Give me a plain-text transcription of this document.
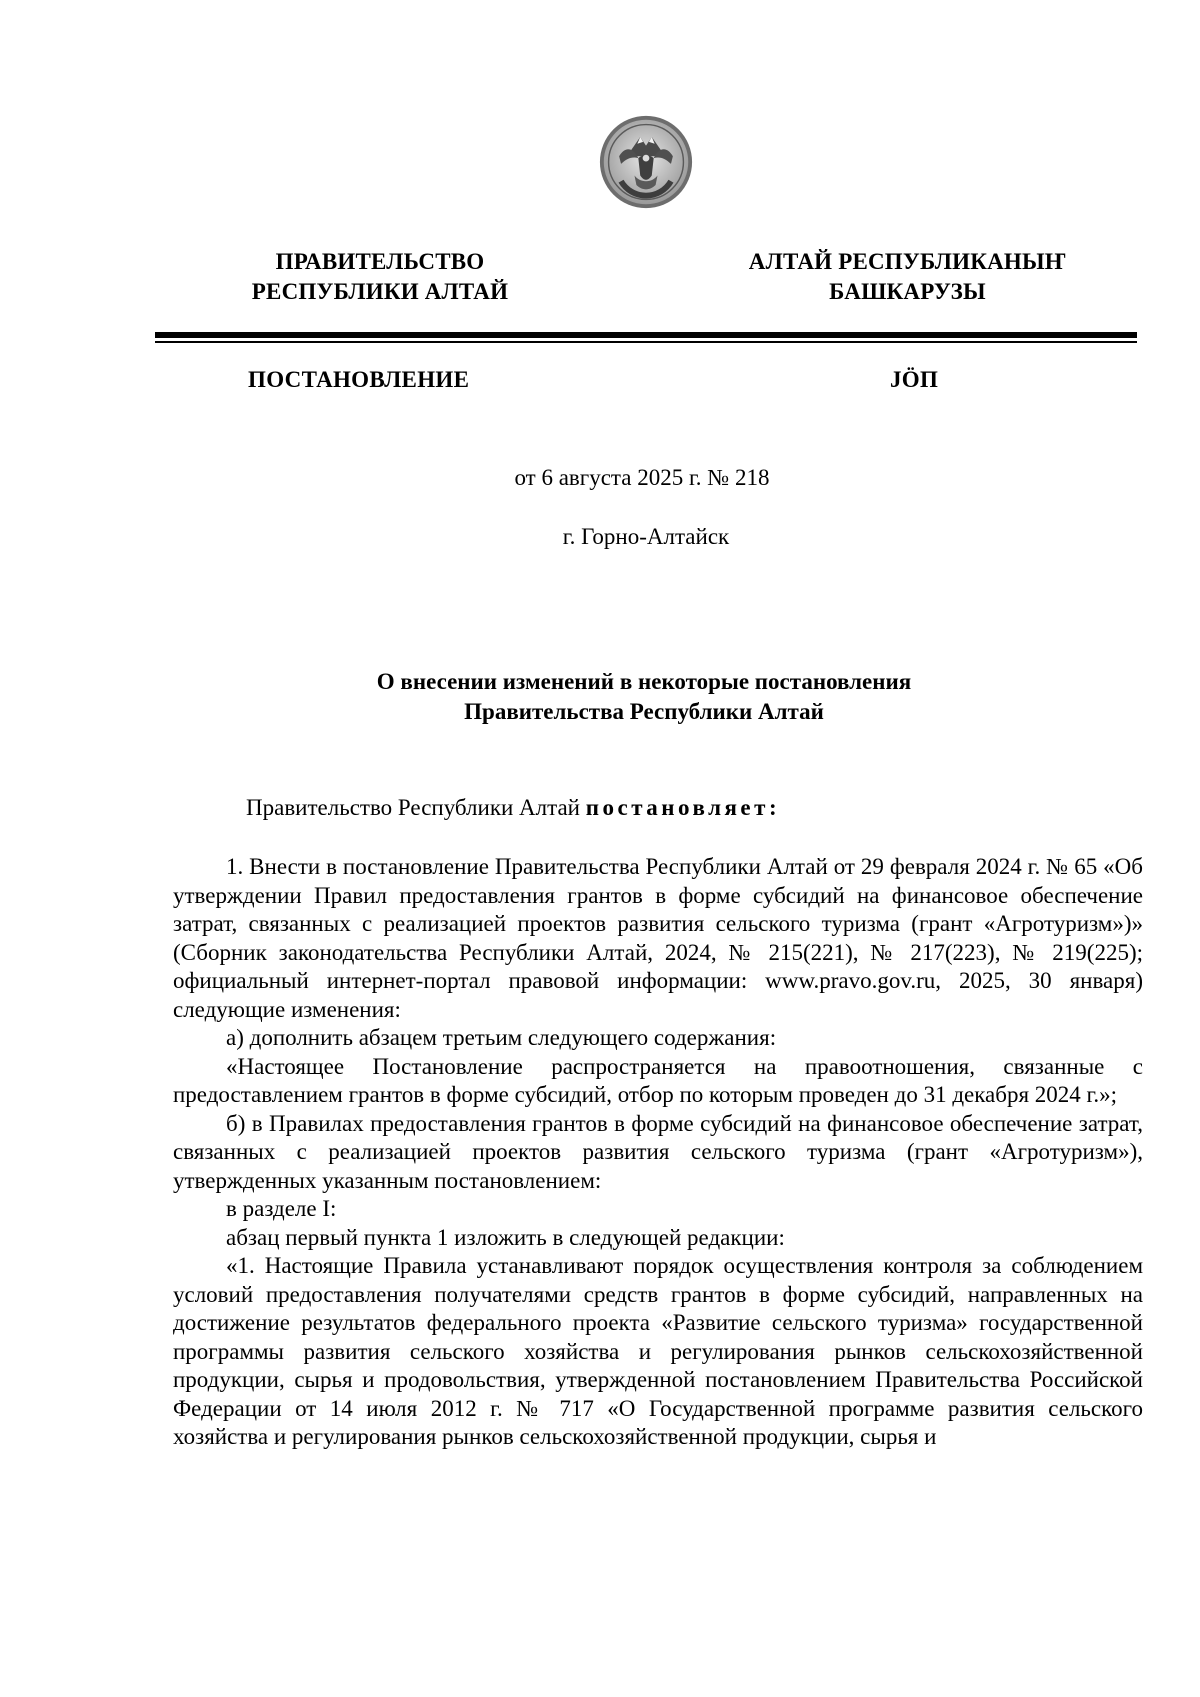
ПРАВИТЕЛЬСТВО
РЕСПУБЛИКИ АЛТАЙ
АЛТАЙ РЕСПУБЛИКАНЫҤ
БАШКАРУЗЫ
ПОСТАНОВЛЕНИЕ	JӦП
от 6 августа 2025 г. № 218
г. Горно-Алтайск
О внесении изменений в некоторые постановления
Правительства Республики Алтай
Правительство Республики Алтай постановляет:

1. Внести в постановление Правительства Республики Алтай от 29 февраля 2024 г. № 65 «Об утверждении Правил предоставления грантов в форме субсидий на финансовое обеспечение затрат, связанных с реализацией проектов развития сельского туризма (грант «Агротуризм»)» (Сборник законодательства Республики Алтай, 2024, № 215(221), № 217(223), № 219(225); официальный интернет-портал правовой информации: www.pravo.gov.ru, 2025, 30 января) следующие изменения:

а) дополнить абзацем третьим следующего содержания:

«Настоящее Постановление распространяется на правоотношения, связанные с предоставлением грантов в форме субсидий, отбор по которым проведен до 31 декабря 2024 г.»;

б) в Правилах предоставления грантов в форме субсидий на финансовое обеспечение затрат, связанных с реализацией проектов развития сельского туризма (грант «Агротуризм»), утвержденных указанным постановлением:

в разделе I:

абзац первый пункта 1 изложить в следующей редакции:

«1. Настоящие Правила устанавливают порядок осуществления контроля за соблюдением условий предоставления получателями средств грантов в форме субсидий, направленных на достижение результатов федерального проекта «Развитие сельского туризма» государственной программы развития сельского хозяйства и регулирования рынков сельскохозяйственной продукции, сырья и продовольствия, утвержденной постановлением Правительства Российской Федерации от 14 июля 2012 г. № 717 «О Государственной программе развития сельского хозяйства и регулирования рынков сельскохозяйственной продукции, сырья и
